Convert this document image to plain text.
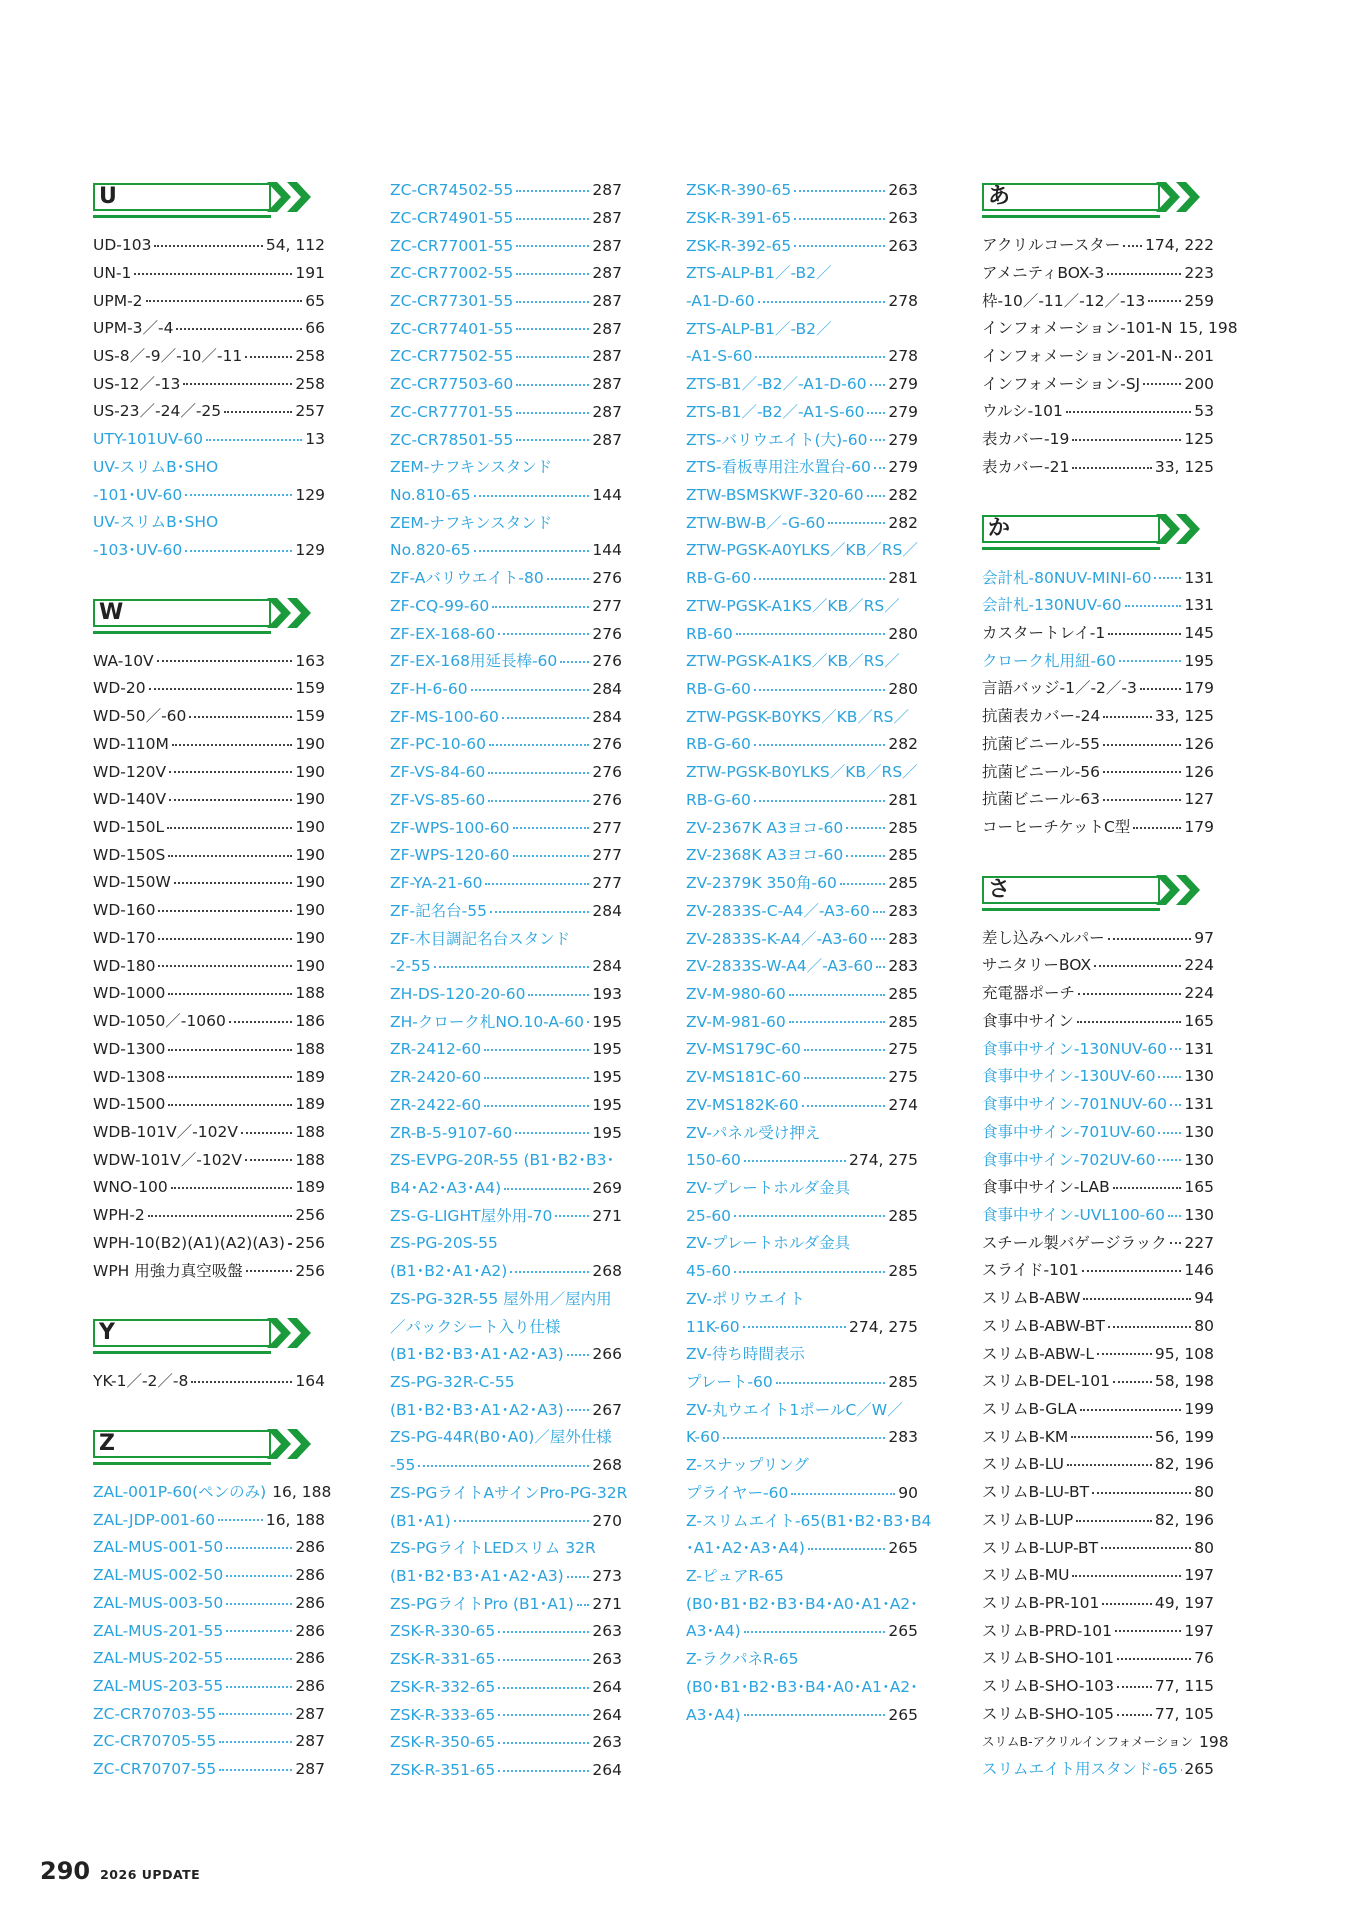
U
UD-103	54, 112
UN-1	191
UPM-2	65
UPM-3／-4	66
US-8／-9／-10／-11	258
US-12／-13	258
US-23／-24／-25	257
UTY-101UV-60	13
UV-スリムB･SHO
-101･UV-60	129
UV-スリムB･SHO
-103･UV-60	129
W
WA-10V	163
WD-20	159
WD-50／-60	159
WD-110M	190
WD-120V	190
WD-140V	190
WD-150L	190
WD-150S	190
WD-150W	190
WD-160	190
WD-170	190
WD-180	190
WD-1000	188
WD-1050／-1060	186
WD-1300	188
WD-1308	189
WD-1500	189
WDB-101V／-102V	188
WDW-101V／-102V	188
WNO-100	189
WPH-2	256
WPH-10(B2)(A1)(A2)(A3) 256
WPH 用強力真空吸盤	256
Y
YK-1／-2／-8	164
Z
ZAL-001P-60(ペンのみ) 16, 188
ZAL-JDP-001-60	16, 188
ZAL-MUS-001-50	286
ZAL-MUS-002-50	286
ZAL-MUS-003-50	286
ZAL-MUS-201-55	286
ZAL-MUS-202-55	286
ZAL-MUS-203-55	286
ZC-CR70703-55	287
ZC-CR70705-55	287
ZC-CR70707-55	287
ZC-CR74502-55	287
ZC-CR74901-55	287
ZC-CR77001-55	287
ZC-CR77002-55	287
ZC-CR77301-55	287
ZC-CR77401-55	287
ZC-CR77502-55	287
ZC-CR77503-60	287
ZC-CR77701-55	287
ZC-CR78501-55	287
ZEM-ナフキンスタンド
No.810-65	144
ZEM-ナフキンスタンド
No.820-65	144
ZF-Aバリウエイト-80	276
ZF-CQ-99-60	277
ZF-EX-168-60	276
ZF-EX-168用延長棒-60 276
ZF-H-6-60	284
ZF-MS-100-60	284
ZF-PC-10-60	276
ZF-VS-84-60	276
ZF-VS-85-60	276
ZF-WPS-100-60	277
ZF-WPS-120-60	277
ZF-YA-21-60	277
ZF-記名台-55	284
ZF-木目調記名台スタンド
-2-55	284
ZH-DS-120-20-60	193
ZH-クローク札NO.10-A-60 195
ZR-2412-60	195
ZR-2420-60	195
ZR-2422-60	195
ZR-B-5-9107-60	195
ZS-EVPG-20R-55 (B1･B2･B3･
B4･A2･A3･A4)	269
ZS-G-LIGHT屋外用-70	271
ZS-PG-20S-55
(B1･B2･A1･A2)	268
ZS-PG-32R-55 屋外用／屋内用
／パックシート入り仕様
(B1･B2･B3･A1･A2･A3) 266
ZS-PG-32R-C-55
(B1･B2･B3･A1･A2･A3) 267
ZS-PG-44R(B0･A0)／屋外仕様
-55	268
ZS-PGライトAサインPro-PG-32R
(B1･A1)	270
ZS-PGライトLEDスリム 32R
(B1･B2･B3･A1･A2･A3) 273
ZS-PGライトPro (B1･A1) 271
ZSK-R-330-65	263
ZSK-R-331-65	263
ZSK-R-332-65	264
ZSK-R-333-65	264
ZSK-R-350-65	263
ZSK-R-351-65	264
ZSK-R-390-65	263
ZSK-R-391-65	263
ZSK-R-392-65	263
ZTS-ALP-B1／-B2／
-A1-D-60	278
ZTS-ALP-B1／-B2／
-A1-S-60	278
ZTS-B1／-B2／-A1-D-60 279
ZTS-B1／-B2／-A1-S-60 279
ZTS-バリウエイト(大)-60 279
ZTS-看板専用注水置台-60 279
ZTW-BSMSKWF-320-60 282
ZTW-BW-B／-G-60	282
ZTW-PGSK-A0YLKS／KB／RS／
RB-G-60	281
ZTW-PGSK-A1KS／KB／RS／
RB-60	280
ZTW-PGSK-A1KS／KB／RS／
RB-G-60	280
ZTW-PGSK-B0YKS／KB／RS／
RB-G-60	282
ZTW-PGSK-B0YLKS／KB／RS／
RB-G-60	281
ZV-2367K A3ヨコ-60	285
ZV-2368K A3ヨコ-60	285
ZV-2379K 350角-60	285
ZV-2833S-C-A4／-A3-60 283
ZV-2833S-K-A4／-A3-60 283
ZV-2833S-W-A4／-A3-60 283
ZV-M-980-60	285
ZV-M-981-60	285
ZV-MS179C-60	275
ZV-MS181C-60	275
ZV-MS182K-60	274
ZV-パネル受け押え
150-60	274, 275
ZV-プレートホルダ金具
25-60	285
ZV-プレートホルダ金具
45-60	285
ZV-ポリウエイト
11K-60	274, 275
ZV-待ち時間表示
プレート-60	285
ZV-丸ウエイト1ポールC／W／
K-60	283
Z-スナップリング
プライヤー-60	90
Z-スリムエイト-65(B1･B2･B3･B4
･A1･A2･A3･A4)	265
Z-ピュアR-65
(B0･B1･B2･B3･B4･A0･A1･A2･
A3･A4)	265
Z-ラクパネR-65
(B0･B1･B2･B3･B4･A0･A1･A2･
A3･A4)	265
あ
アクリルコースター 174, 222
アメニティBOX-3	223
枠-10／-11／-12／-13	259
インフォメーション-101-N 15, 198
インフォメーション-201-N 201
インフォメーション-SJ	200
ウルシ-101	53
表カバー-19	125
表カバー-21	33, 125
か
会計札-80NUV-MINI-60 131
会計札-130NUV-60	131
カスタートレイ-1	145
クローク札用紐-60	195
言語バッジ-1／-2／-3	179
抗菌表カバー-24	33, 125
抗菌ビニール-55	126
抗菌ビニール-56	126
抗菌ビニール-63	127
コーヒーチケットC型	179
さ
差し込みヘルパー	97
サニタリーBOX	224
充電器ポーチ	224
食事中サイン	165
食事中サイン-130NUV-60 131
食事中サイン-130UV-60 130
食事中サイン-701NUV-60 131
食事中サイン-701UV-60 130
食事中サイン-702UV-60 130
食事中サイン-LAB	165
食事中サイン-UVL100-60 130
スチール製バゲージラック 227
スライド-101	146
スリムB-ABW	94
スリムB-ABW-BT	80
スリムB-ABW-L	95, 108
スリムB-DEL-101	58, 198
スリムB-GLA	199
スリムB-KM	56, 199
スリムB-LU	82, 196
スリムB-LU-BT	80
スリムB-LUP	82, 196
スリムB-LUP-BT	80
スリムB-MU	197
スリムB-PR-101	49, 197
スリムB-PRD-101	197
スリムB-SHO-101	76
スリムB-SHO-103	77, 115
スリムB-SHO-105	77, 105
スリムB-アクリルインフォメーション 198
スリムエイト用スタンド-65 265
290 2026 UPDATE
